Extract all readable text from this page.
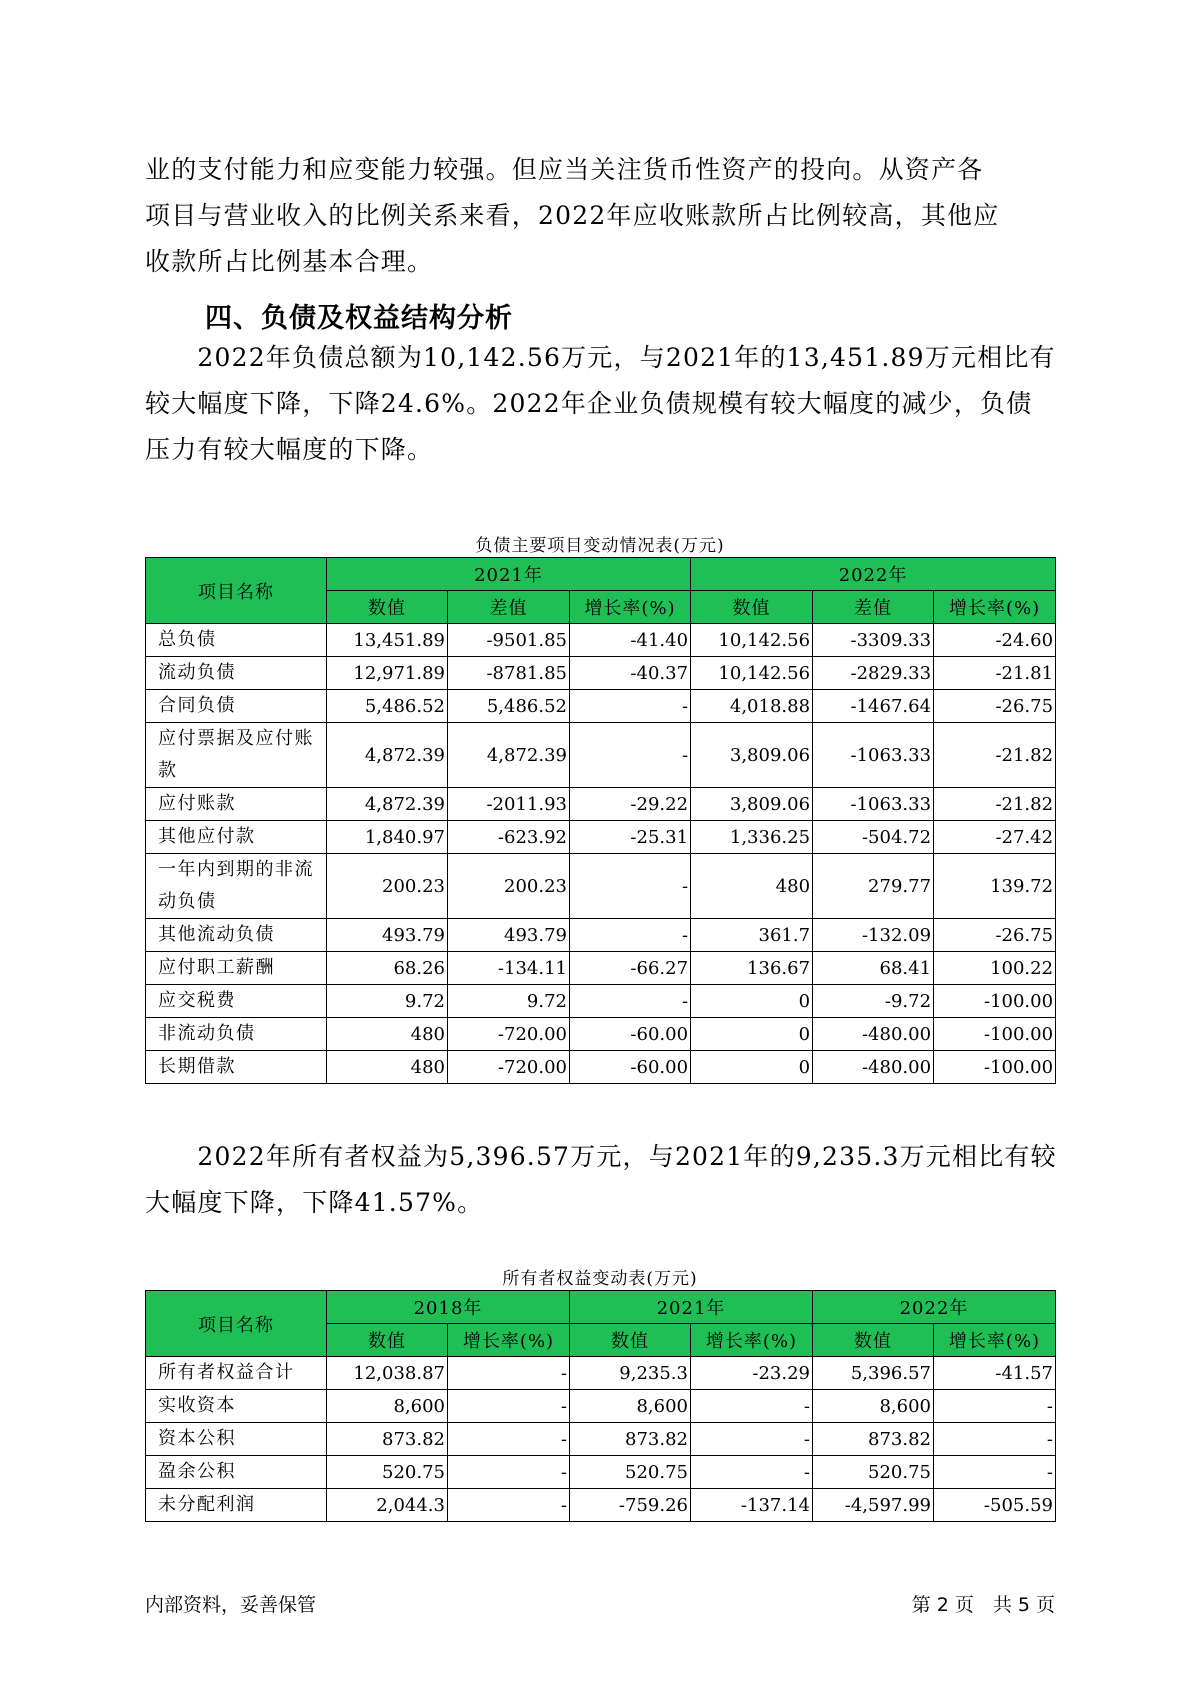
业的支付能力和应变能力较强。但应当关注货币性资产的投向。从资产各
项目与营业收入的比例关系来看，2022年应收账款所占比例较高，其他应
收款所占比例基本合理。

四、负债及权益结构分析

　　2022年负债总额为10,142.56万元，与2021年的13,451.89万元相比有
较大幅度下降，下降24.6%。2022年企业负债规模有较大幅度的减少，负债
压力有较大幅度的下降。

负债主要项目变动情况表(万元)
项目名称	2021年			2022年		
	数值	差值	增长率(%)	数值	差值	增长率(%)
总负债	13,451.89	-9501.85	-41.40	10,142.56	-3309.33	-24.60
流动负债	12,971.89	-8781.85	-40.37	10,142.56	-2829.33	-21.81
合同负债	5,486.52	5,486.52	-	4,018.88	-1467.64	-26.75
应付票据及应付账款	4,872.39	4,872.39	-	3,809.06	-1063.33	-21.82
应付账款	4,872.39	-2011.93	-29.22	3,809.06	-1063.33	-21.82
其他应付款	1,840.97	-623.92	-25.31	1,336.25	-504.72	-27.42
一年内到期的非流动负债	200.23	200.23	-	480	279.77	139.72
其他流动负债	493.79	493.79	-	361.7	-132.09	-26.75
应付职工薪酬	68.26	-134.11	-66.27	136.67	68.41	100.22
应交税费	9.72	9.72	-	0	-9.72	-100.00
非流动负债	480	-720.00	-60.00	0	-480.00	-100.00
长期借款	480	-720.00	-60.00	0	-480.00	-100.00

　　2022年所有者权益为5,396.57万元，与2021年的9,235.3万元相比有较
大幅度下降，下降41.57%。

所有者权益变动表(万元)
项目名称	2018年		2021年		2022年	
	数值	增长率(%)	数值	增长率(%)	数值	增长率(%)
所有者权益合计	12,038.87	-	9,235.3	-23.29	5,396.57	-41.57
实收资本	8,600	-	8,600	-	8,600	-
资本公积	873.82	-	873.82	-	873.82	-
盈余公积	520.75	-	520.75	-	520.75	-
未分配利润	2,044.3	-	-759.26	-137.14	-4,597.99	-505.59
内部资料，妥善保管	第 2 页　共 5 页
